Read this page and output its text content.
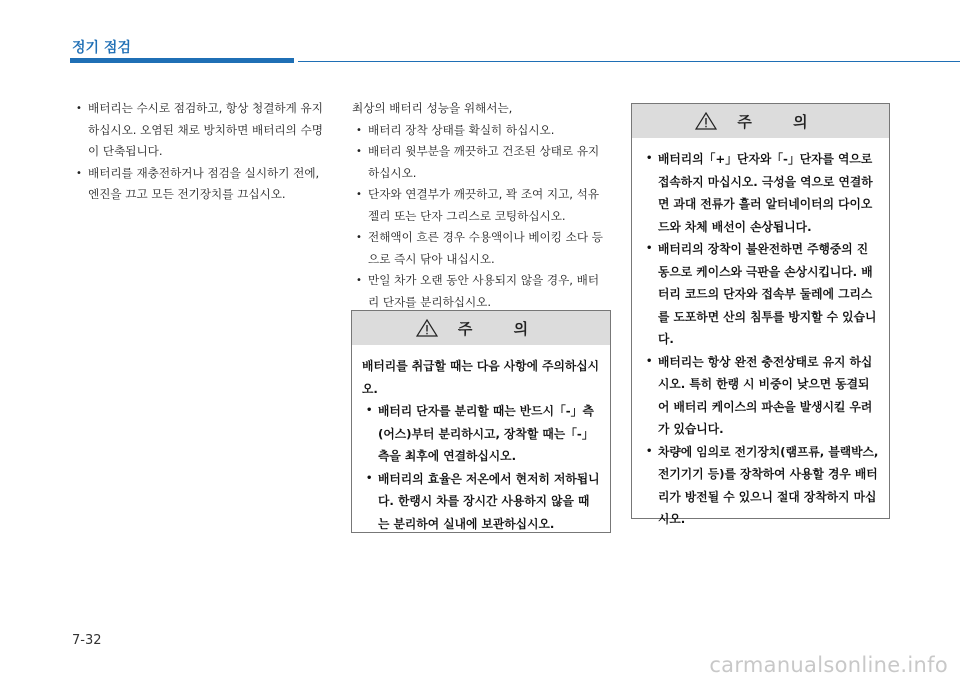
정기 점검
• 배터리는 수시로 점검하고, 항상 청결하게 유지 하십시오. 오염된 채로 방치하면 배터리의 수명이 단축됩니다.
• 배터리를 재충전하거나 점검을 실시하기 전에, 엔진을 끄고 모든 전기장치를 끄십시오.

최상의 배터리 성능을 위해서는,

• 배터리 장착 상태를 확실히 하십시오.
• 배터리 윗부분을 깨끗하고 건조된 상태로 유지하십시오.
• 단자와 연결부가 깨끗하고, 꽉 조여 지고, 석유 젤리 또는 단자 그리스로 코팅하십시오.
• 전해액이 흐른 경우 수용액이나 베이킹 소다 등으로 즉시 닦아 내십시오.
• 만일 차가 오랜 동안 사용되지 않을 경우, 배터리 단자를 분리하십시오.
주 의

배터리를 취급할 때는 다음 사항에 주의하십시오.

• 배터리 단자를 분리할 때는 반드시「-」측(어스)부터 분리하시고, 장착할 때는「-」측을 최후에 연결하십시오.
• 배터리의 효율은 저온에서 현저히 저하됩니다. 한랭시 차를 장시간 사용하지 않을 때는 분리하여 실내에 보관하십시오.
주 의
• 배터리의「+」단자와「-」단자를 역으로 접속하지 마십시오. 극성을 역으로 연결하면 과대 전류가 흘러 알터네이터의 다이오드와 차체 배선이 손상됩니다.
• 배터리의 장착이 불완전하면 주행중의 진동으로 케이스와 극판을 손상시킵니다. 배터리 코드의 단자와 접속부 둘레에 그리스를 도포하면 산의 침투를 방지할 수 있습니다.
• 배터리는 항상 완전 충전상태로 유지 하십시오. 특히 한랭 시 비중이 낮으면 동결되어 배터리 케이스의 파손을 발생시킬 우려가 있습니다.
• 차량에 임의로 전기장치(램프류, 블랙박스, 전기기기 등)를 장착하여 사용할 경우 배터리가 방전될 수 있으니 절대 장착하지 마십시오.
7-32
carmanualsonline.info
